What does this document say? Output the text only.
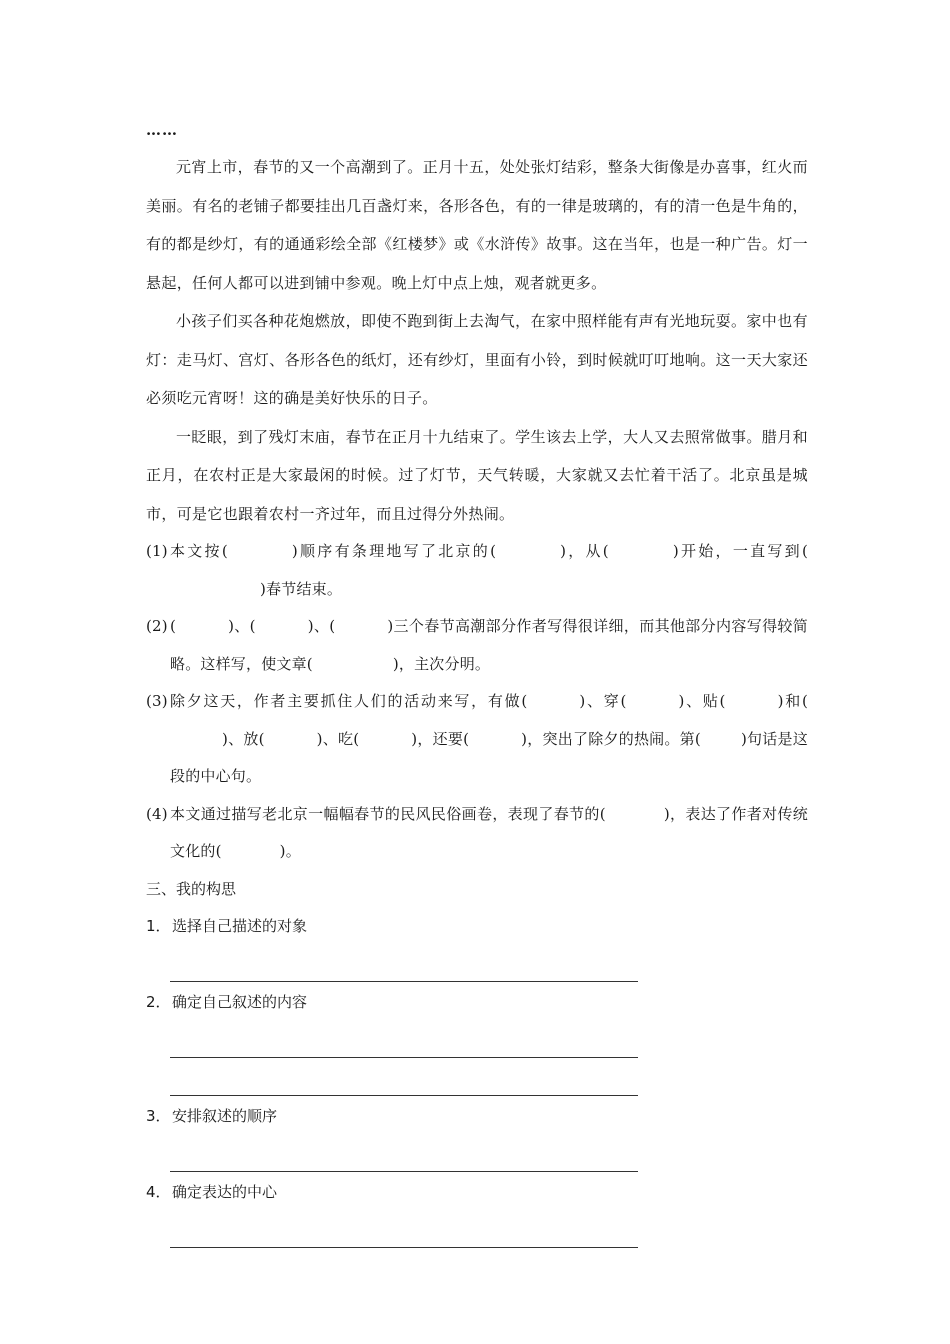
……

元宵上市，春节的又一个高潮到了。正月十五，处处张灯结彩，整条大街像是办喜事，红火而美丽。有名的老铺子都要挂出几百盏灯来，各形各色，有的一律是玻璃的，有的清一色是牛角的，有的都是纱灯，有的通通彩绘全部《红楼梦》或《水浒传》故事。这在当年，也是一种广告。灯一悬起，任何人都可以进到铺中参观。晚上灯中点上烛，观者就更多。

小孩子们买各种花炮燃放，即使不跑到街上去淘气，在家中照样能有声有光地玩耍。家中也有灯：走马灯、宫灯、各形各色的纸灯，还有纱灯，里面有小铃，到时候就叮叮地响。这一天大家还必须吃元宵呀！这的确是美好快乐的日子。

一眨眼，到了残灯末庙，春节在正月十九结束了。学生该去上学，大人又去照常做事。腊月和正月，在农村正是大家最闲的时候。过了灯节，天气转暖，大家就又去忙着干活了。北京虽是城市，可是它也跟着农村一齐过年，而且过得分外热闹。

(1) 本文按(	)顺序有条理地写了北京的(	)，从(	)开始，一直写到()春节结束。

(2) (	)、(	)、(	)三个春节高潮部分作者写得很详细，而其他部分内容写得较简略。这样写，使文章(	)，主次分明。

(3) 除夕这天，作者主要抓住人们的活动来写，有做(	)、穿(	)、贴(	)和()、放(	)、吃(	)，还要(	)，突出了除夕的热闹。第(	)句话是这段的中心句。

(4) 本文通过描写老北京一幅幅春节的民风民俗画卷，表现了春节的(	)，表达了作者对传统文化的(	)。

三、我的构思

1．选择自己描述的对象
2．确定自己叙述的内容
3．安排叙述的顺序
4．确定表达的中心
